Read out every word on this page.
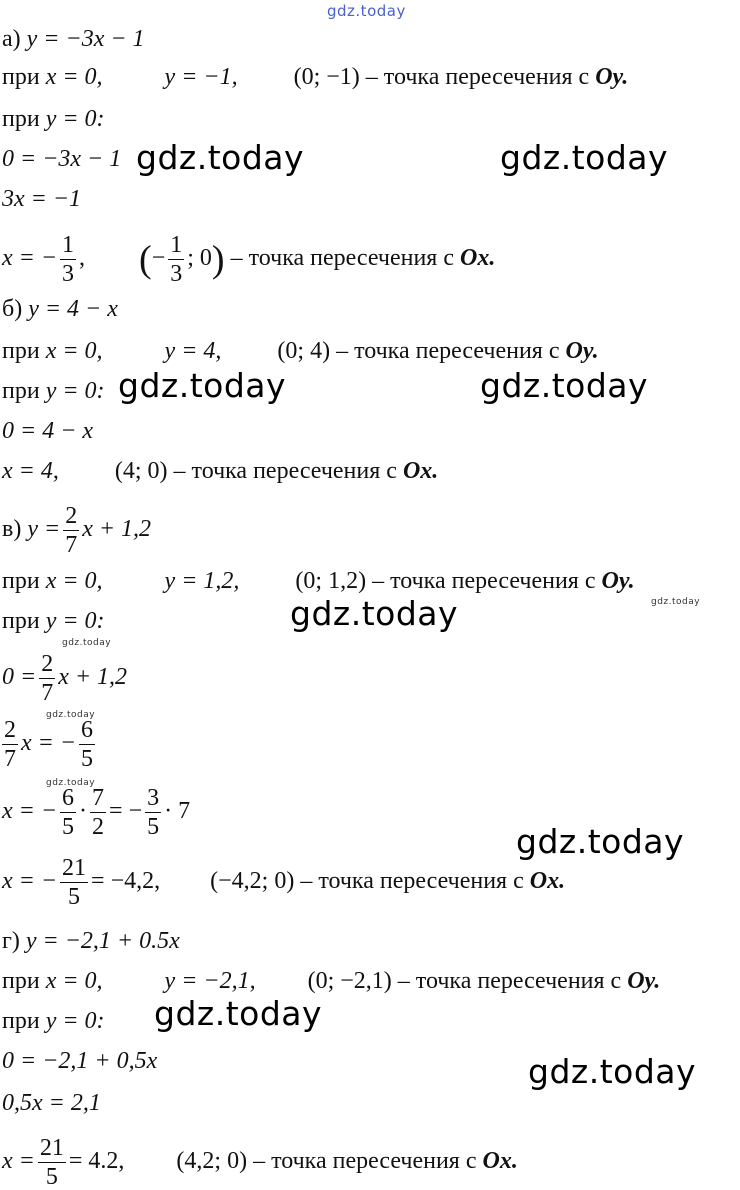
gdz.today
а) y = −3x − 1
при x = 0,	y = −1, (0; −1) – точка пересечения с Oy.
при y = 0:
0 = −3x − 1 gdz.today	gdz.today
3x = −1
x = − $\frac{1}{3}$ ,  (− $\frac{1}{3}$ ; 0) – точка пересечения с Ox.
б) y = 4 − x
при x = 0,	y = 4, (0; 4) – точка пересечения с Oy.
при y = 0: gdz.today	gdz.today
0 = 4 − x
x = 4, (4; 0) – точка пересечения с Ox.
в) $y = \frac{2}{7}$ x + 1,2
при x = 0,	y = 1,2, (0; 1,2) – точка пересечения с Oy.
gdz.today
при y = 0:	gdz.today
gdz.today
$0 = \frac{2}{7}$ x + 1,2
gdz.today
$\frac{2}{7}$ x = − $\frac{6}{5}$
gdz.today
x = − $\frac{6}{5} \cdot \frac{7}{2}$ = − $\frac{3}{5} \cdot 7$
gdz.today
x = − $\frac{21}{5} = -4,2$, (−4,2; 0) – точка пересечения с Ox.
г) y = −2,1 + 0.5x
при x = 0,	y = −2,1, (0; −2,1) – точка пересечения с Oy.
при y = 0: gdz.today
0 = −2,1 + 0,5x	gdz.today
0,5x = 2,1
$x = \frac{21}{5} = 4.2$, (4,2; 0) – точка пересечения с Ox.
